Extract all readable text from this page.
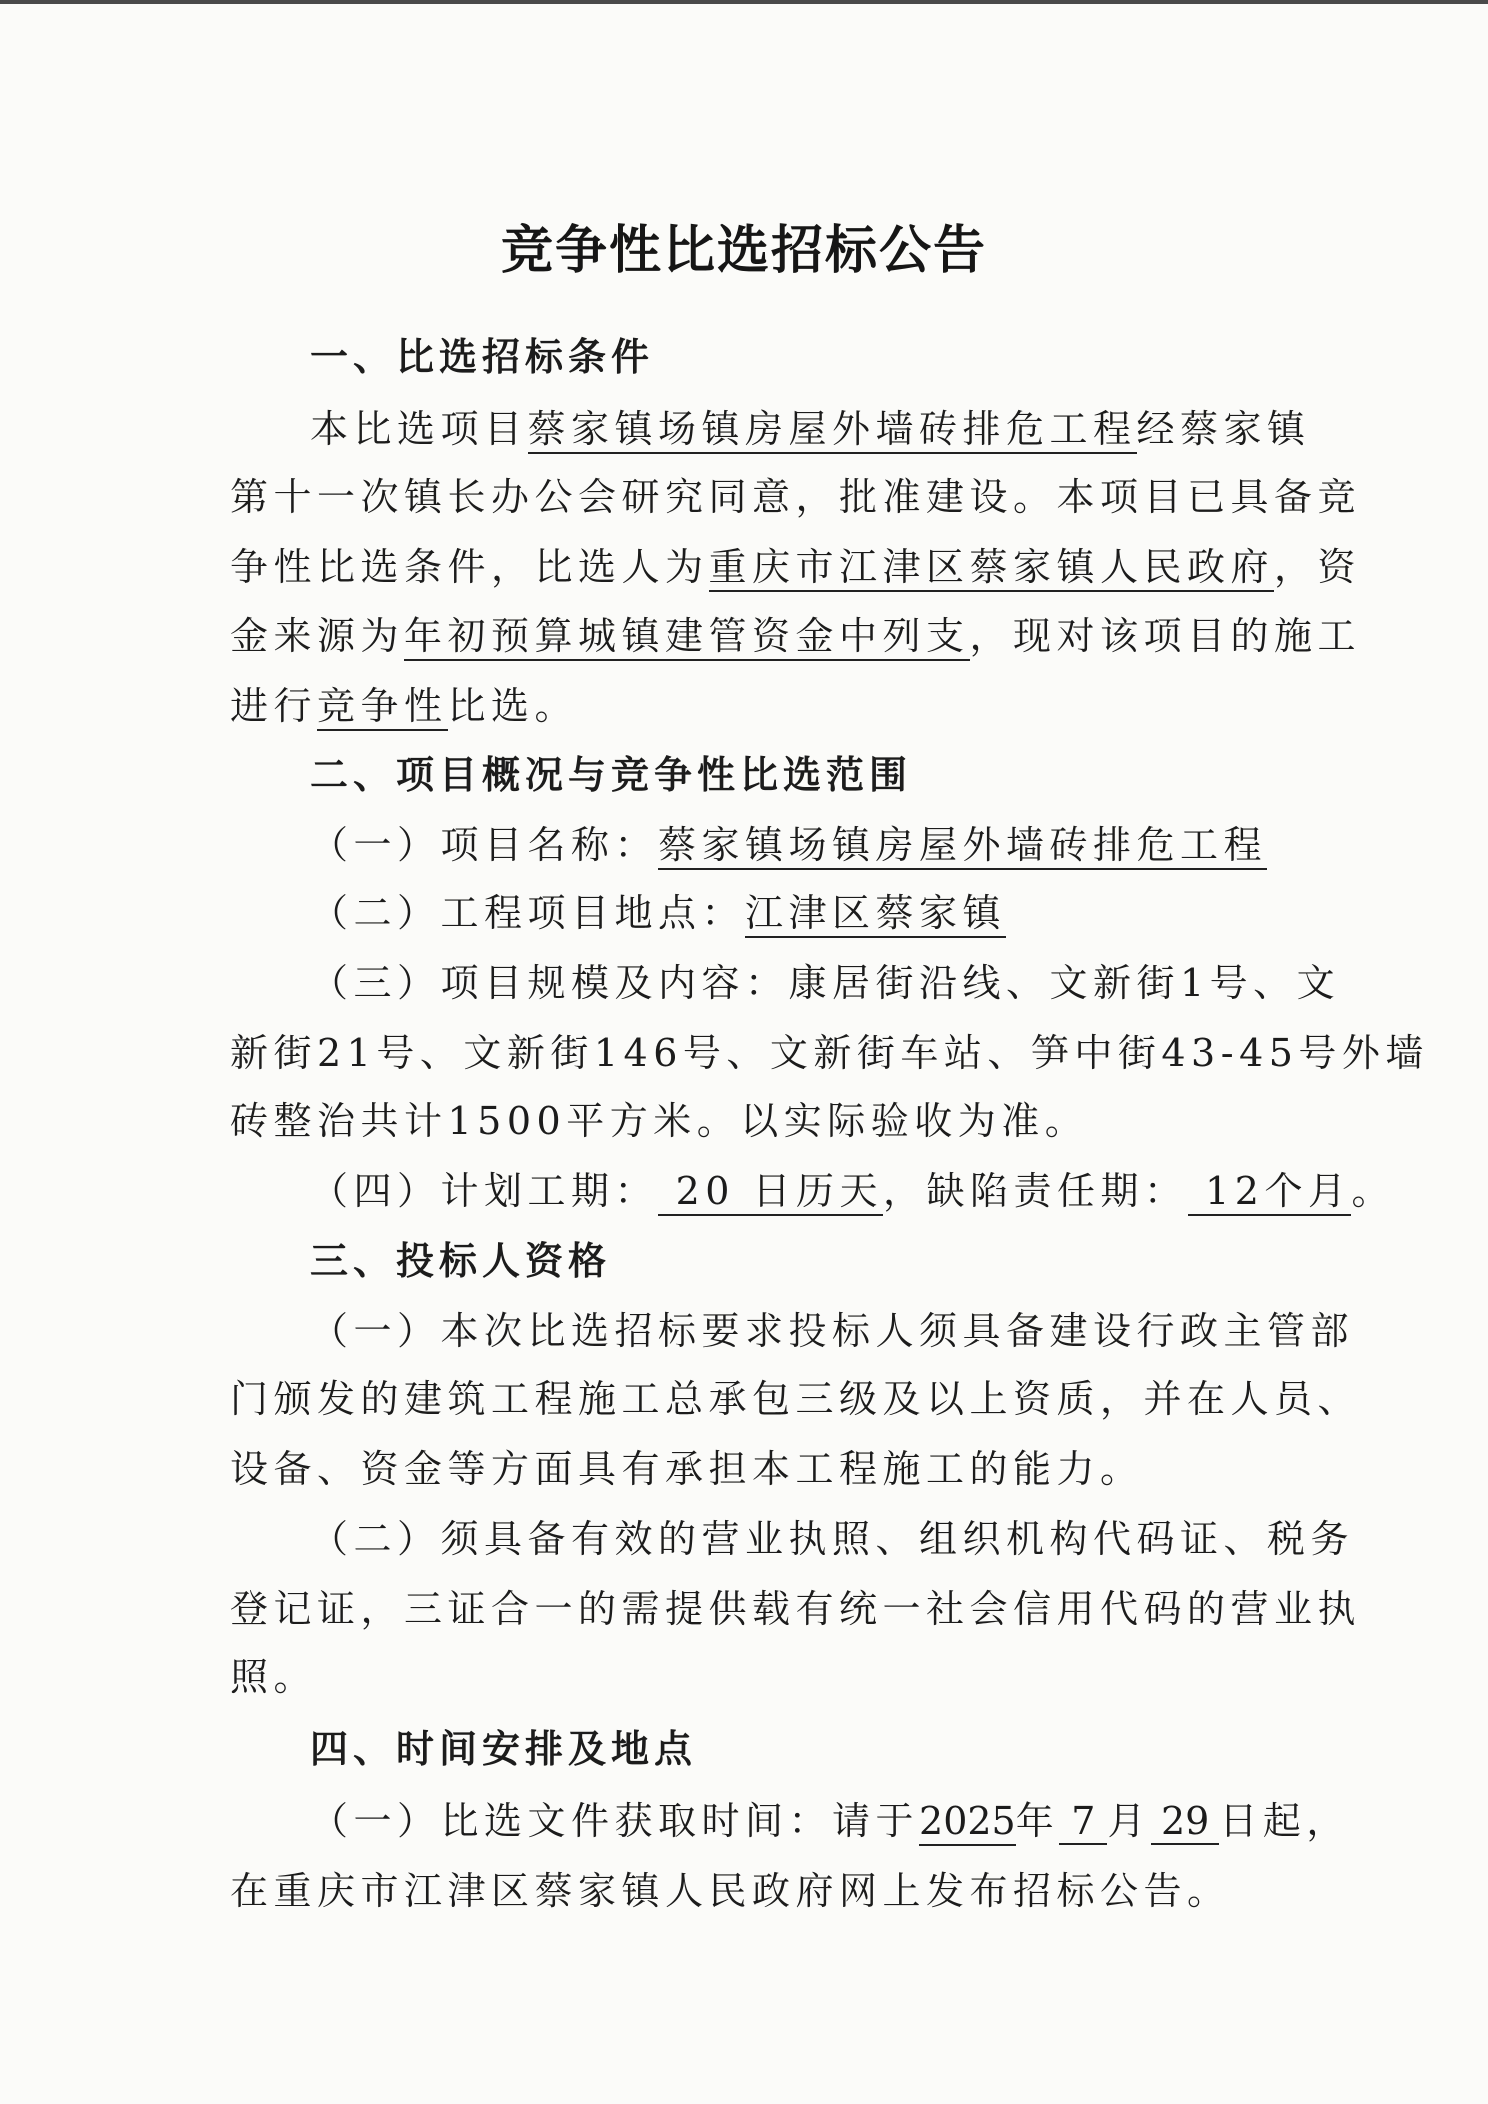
竞争性比选招标公告
一、比选招标条件
本比选项目蔡家镇场镇房屋外墙砖排危工程经蔡家镇
第十一次镇长办公会研究同意，批准建设。本项目已具备竞
争性比选条件，比选人为重庆市江津区蔡家镇人民政府，资
金来源为年初预算城镇建管资金中列支，现对该项目的施工
进行竞争性比选。
二、项目概况与竞争性比选范围
（一）项目名称：蔡家镇场镇房屋外墙砖排危工程
（二）工程项目地点：江津区蔡家镇
（三）项目规模及内容：康居街沿线、文新街1号、文
新街21号、文新街146号、文新街车站、笋中街43-45号外墙
砖整治共计1500平方米。以实际验收为准。
（四）计划工期： 20 日历天，缺陷责任期： 12个月。
三、投标人资格
（一）本次比选招标要求投标人须具备建设行政主管部
门颁发的建筑工程施工总承包三级及以上资质，并在人员、
设备、资金等方面具有承担本工程施工的能力。
（二）须具备有效的营业执照、组织机构代码证、税务
登记证，三证合一的需提供载有统一社会信用代码的营业执
照。
四、时间安排及地点
（一）比选文件获取时间：请于2025年 7 月 29 日起，
在重庆市江津区蔡家镇人民政府网上发布招标公告。
